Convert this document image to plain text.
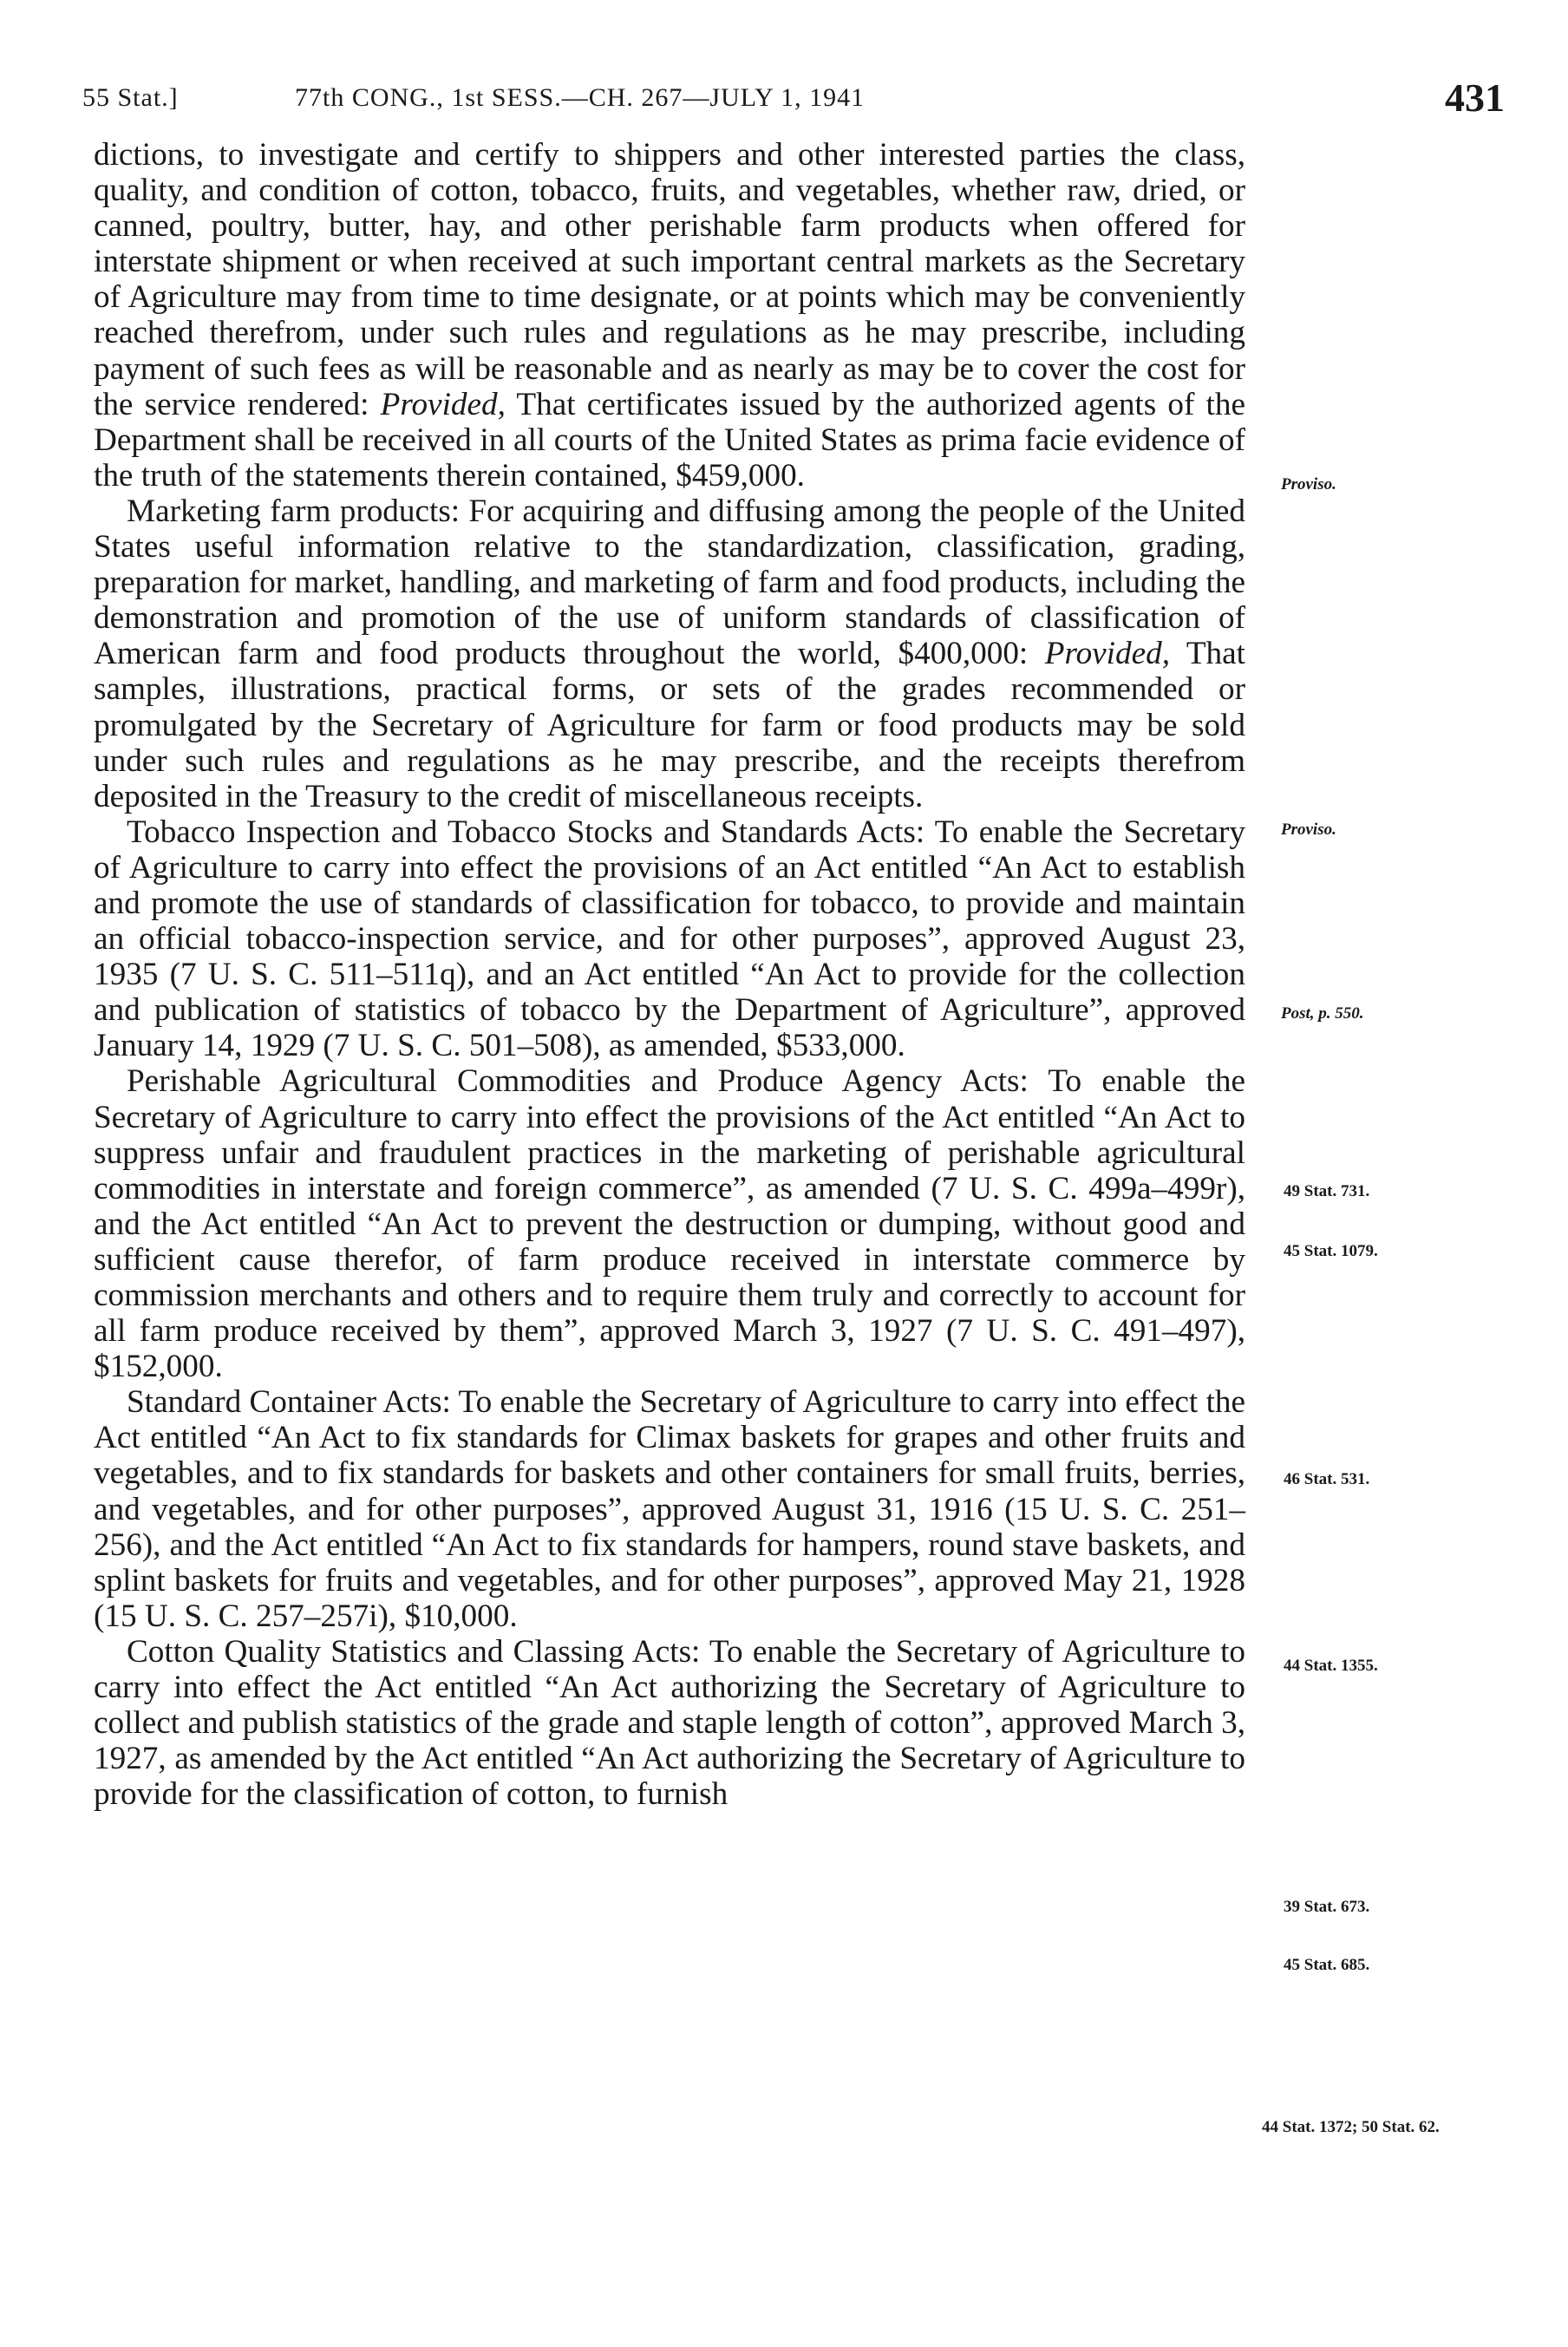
55 Stat.]	77th CONG., 1st SESS.—CH. 267—JULY 1, 1941	431

dictions, to investigate and certify to shippers and other interested parties the class, quality, and condition of cotton, tobacco, fruits, and vegetables, whether raw, dried, or canned, poultry, butter, hay, and other perishable farm products when offered for interstate shipment or when received at such important central markets as the Secretary of Agriculture may from time to time designate, or at points which may be conveniently reached therefrom, under such rules and regulations as he may prescribe, including payment of such fees as will be reasonable and as nearly as may be to cover the cost for the service rendered: Provided, That certificates issued by the authorized agents of the Department shall be received in all courts of the United States as prima facie evidence of the truth of the statements therein contained, $459,000.

Marketing farm products: For acquiring and diffusing among the people of the United States useful information relative to the standardization, classification, grading, preparation for market, handling, and marketing of farm and food products, including the demonstration and promotion of the use of uniform standards of classification of American farm and food products throughout the world, $400,000: Provided, That samples, illustrations, practical forms, or sets of the grades recommended or promulgated by the Secretary of Agriculture for farm or food products may be sold under such rules and regulations as he may prescribe, and the receipts therefrom deposited in the Treasury to the credit of miscellaneous receipts.

Tobacco Inspection and Tobacco Stocks and Standards Acts: To enable the Secretary of Agriculture to carry into effect the provisions of an Act entitled “An Act to establish and promote the use of standards of classification for tobacco, to provide and maintain an official tobacco-inspection service, and for other purposes”, approved August 23, 1935 (7 U. S. C. 511–511q), and an Act entitled “An Act to provide for the collection and publication of statistics of tobacco by the Department of Agriculture”, approved January 14, 1929 (7 U. S. C. 501–508), as amended, $533,000.

Perishable Agricultural Commodities and Produce Agency Acts: To enable the Secretary of Agriculture to carry into effect the provisions of the Act entitled “An Act to suppress unfair and fraudulent practices in the marketing of perishable agricultural commodities in interstate and foreign commerce”, as amended (7 U. S. C. 499a–499r), and the Act entitled “An Act to prevent the destruction or dumping, without good and sufficient cause therefor, of farm produce received in interstate commerce by commission merchants and others and to require them truly and correctly to account for all farm produce received by them”, approved March 3, 1927 (7 U. S. C. 491–497), $152,000.

Standard Container Acts: To enable the Secretary of Agriculture to carry into effect the Act entitled “An Act to fix standards for Climax baskets for grapes and other fruits and vegetables, and to fix standards for baskets and other containers for small fruits, berries, and vegetables, and for other purposes”, approved August 31, 1916 (15 U. S. C. 251–256), and the Act entitled “An Act to fix standards for hampers, round stave baskets, and splint baskets for fruits and vegetables, and for other purposes”, approved May 21, 1928 (15 U. S. C. 257–257i), $10,000.

Cotton Quality Statistics and Classing Acts: To enable the Secretary of Agriculture to carry into effect the Act entitled “An Act authorizing the Secretary of Agriculture to collect and publish statistics of the grade and staple length of cotton”, approved March 3, 1927, as amended by the Act entitled “An Act authorizing the Secretary of Agriculture to provide for the classification of cotton, to furnish

Proviso.
Proviso.
Post, p. 550.
49 Stat. 731.
45 Stat. 1079.
46 Stat. 531.
44 Stat. 1355.
39 Stat. 673.
45 Stat. 685.
44 Stat. 1372; 50 Stat. 62.
